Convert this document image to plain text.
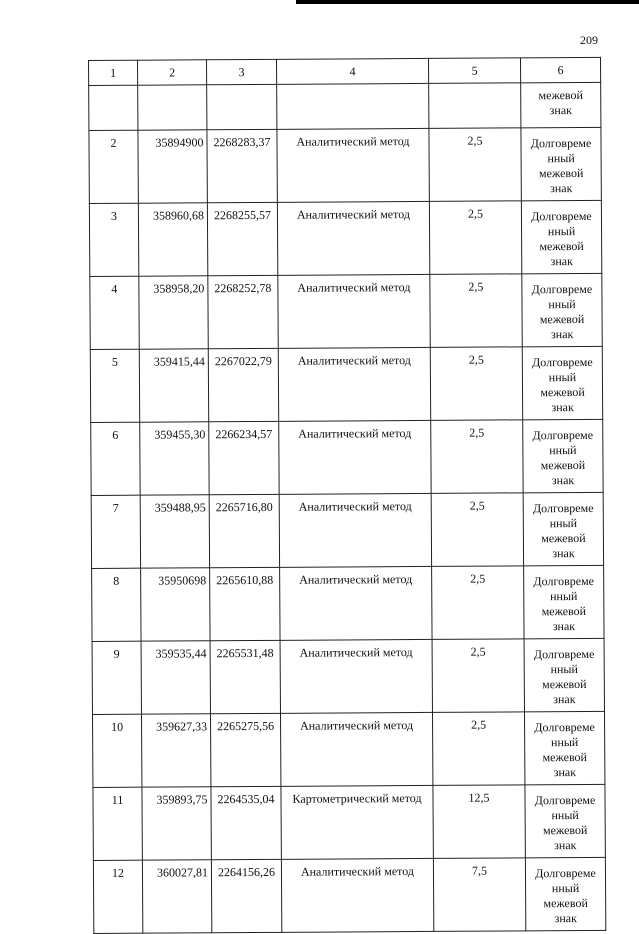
209
1	2	3	4	5	6

					межевой
знак

2	35894900	2268283,37	Аналитический метод	2,5	Долговреме
нный
межевой
знак

3	358960,68	2268255,57	Аналитический метод	2,5	Долговреме
нный
межевой
знак

4	358958,20	2268252,78	Аналитический метод	2,5	Долговреме
нный
межевой
знак

5	359415,44	2267022,79	Аналитический метод	2,5	Долговреме
нный
межевой
знак

6	359455,30	2266234,57	Аналитический метод	2,5	Долговреме
нный
межевой
знак

7	359488,95	2265716,80	Аналитический метод	2,5	Долговреме
нный
межевой
знак

8	35950698	2265610,88	Аналитический метод	2,5	Долговреме
нный
межевой
знак

9	359535,44	2265531,48	Аналитический метод	2,5	Долговреме
нный
межевой
знак

10	359627,33	2265275,56	Аналитический метод	2,5	Долговреме
нный
межевой
знак

11	359893,75	2264535,04	Картометрический метод	12,5	Долговреме
нный
межевой
знак

12	360027,81	2264156,26	Аналитический метод	7,5	Долговреме
нный
межевой
знак
